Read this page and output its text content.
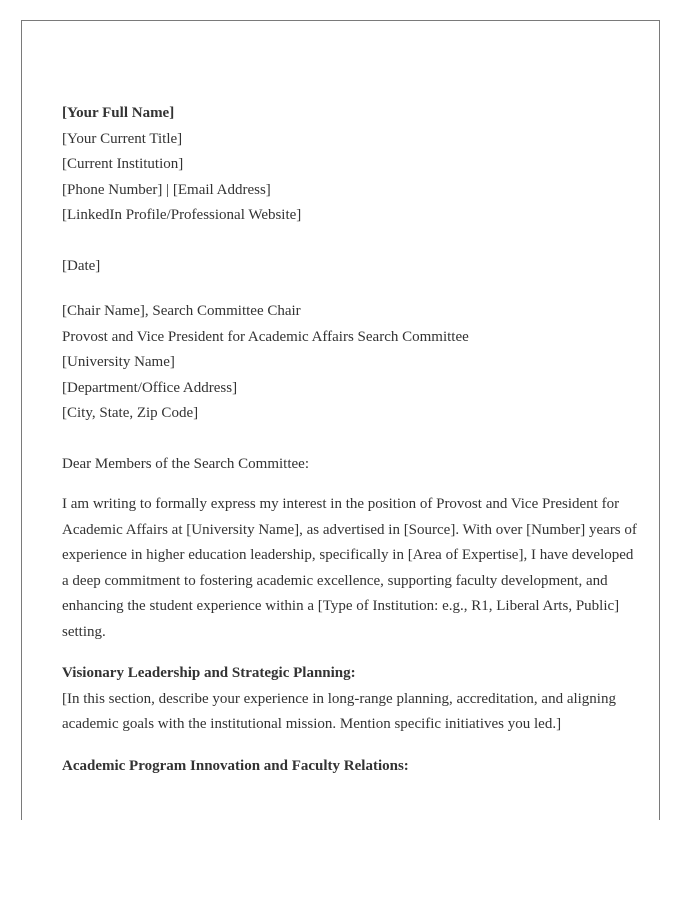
[Your Full Name]
[Your Current Title]
[Current Institution]
[Phone Number] | [Email Address]
[LinkedIn Profile/Professional Website]
[Date]
[Chair Name], Search Committee Chair
Provost and Vice President for Academic Affairs Search Committee
[University Name]
[Department/Office Address]
[City, State, Zip Code]
Dear Members of the Search Committee:

I am writing to formally express my interest in the position of Provost and Vice President for Academic Affairs at [University Name], as advertised in [Source]. With over [Number] years of experience in higher education leadership, specifically in [Area of Expertise], I have developed a deep commitment to fostering academic excellence, supporting faculty development, and enhancing the student experience within a [Type of Institution: e.g., R1, Liberal Arts, Public] setting.

Visionary Leadership and Strategic Planning:
[In this section, describe your experience in long-range planning, accreditation, and aligning academic goals with the institutional mission. Mention specific initiatives you led.]
Academic Program Innovation and Faculty Relations:
